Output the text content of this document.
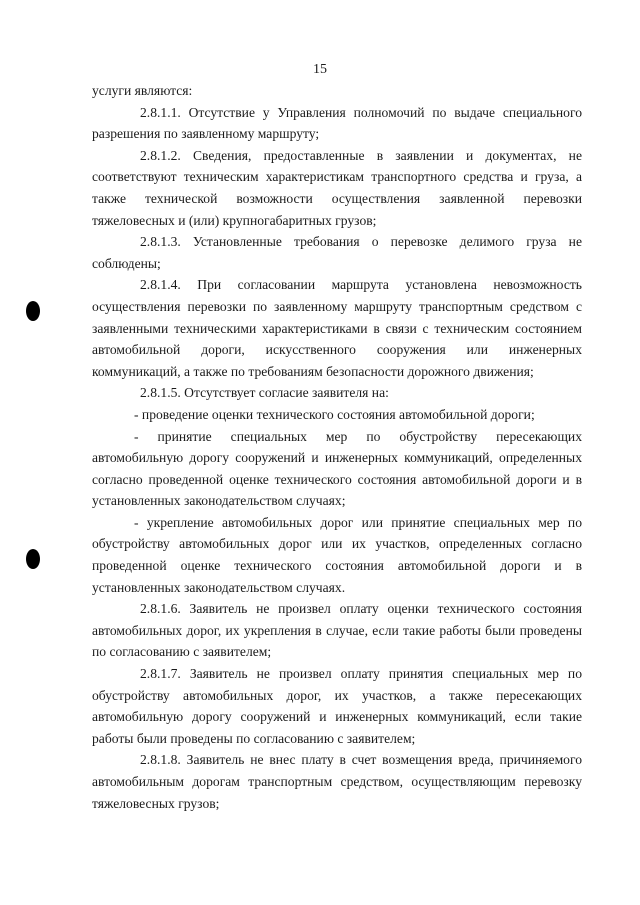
15

услуги являются:

2.8.1.1. Отсутствие у Управления полномочий по выдаче специального разрешения по заявленному маршруту;

2.8.1.2. Сведения, предоставленные в заявлении и документах, не соответствуют техническим характеристикам транспортного средства и груза, а также технической возможности осуществления заявленной перевозки тяжеловесных и (или) крупногабаритных грузов;

2.8.1.3. Установленные требования о перевозке делимого груза не соблюдены;

2.8.1.4. При согласовании маршрута установлена невозможность осуществления перевозки по заявленному маршруту транспортным средством с заявленными техническими характеристиками в связи с техническим состоянием автомобильной дороги, искусственного сооружения или инженерных коммуникаций, а также по требованиям безопасности дорожного движения;

2.8.1.5. Отсутствует согласие заявителя на:

- проведение оценки технического состояния автомобильной дороги;

- принятие специальных мер по обустройству пересекающих автомобильную дорогу сооружений и инженерных коммуникаций, определенных согласно проведенной оценке технического состояния автомобильной дороги и в установленных законодательством случаях;

- укрепление автомобильных дорог или принятие специальных мер по обустройству автомобильных дорог или их участков, определенных согласно проведенной оценке технического состояния автомобильной дороги и в установленных законодательством случаях.

2.8.1.6. Заявитель не произвел оплату оценки технического состояния автомобильных дорог, их укрепления в случае, если такие работы были проведены по согласованию с заявителем;

2.8.1.7. Заявитель не произвел оплату принятия специальных мер по обустройству автомобильных дорог, их участков, а также пересекающих автомобильную дорогу сооружений и инженерных коммуникаций, если такие работы были проведены по согласованию с заявителем;

2.8.1.8. Заявитель не внес плату в счет возмещения вреда, причиняемого автомобильным дорогам транспортным средством, осуществляющим перевозку тяжеловесных грузов;
